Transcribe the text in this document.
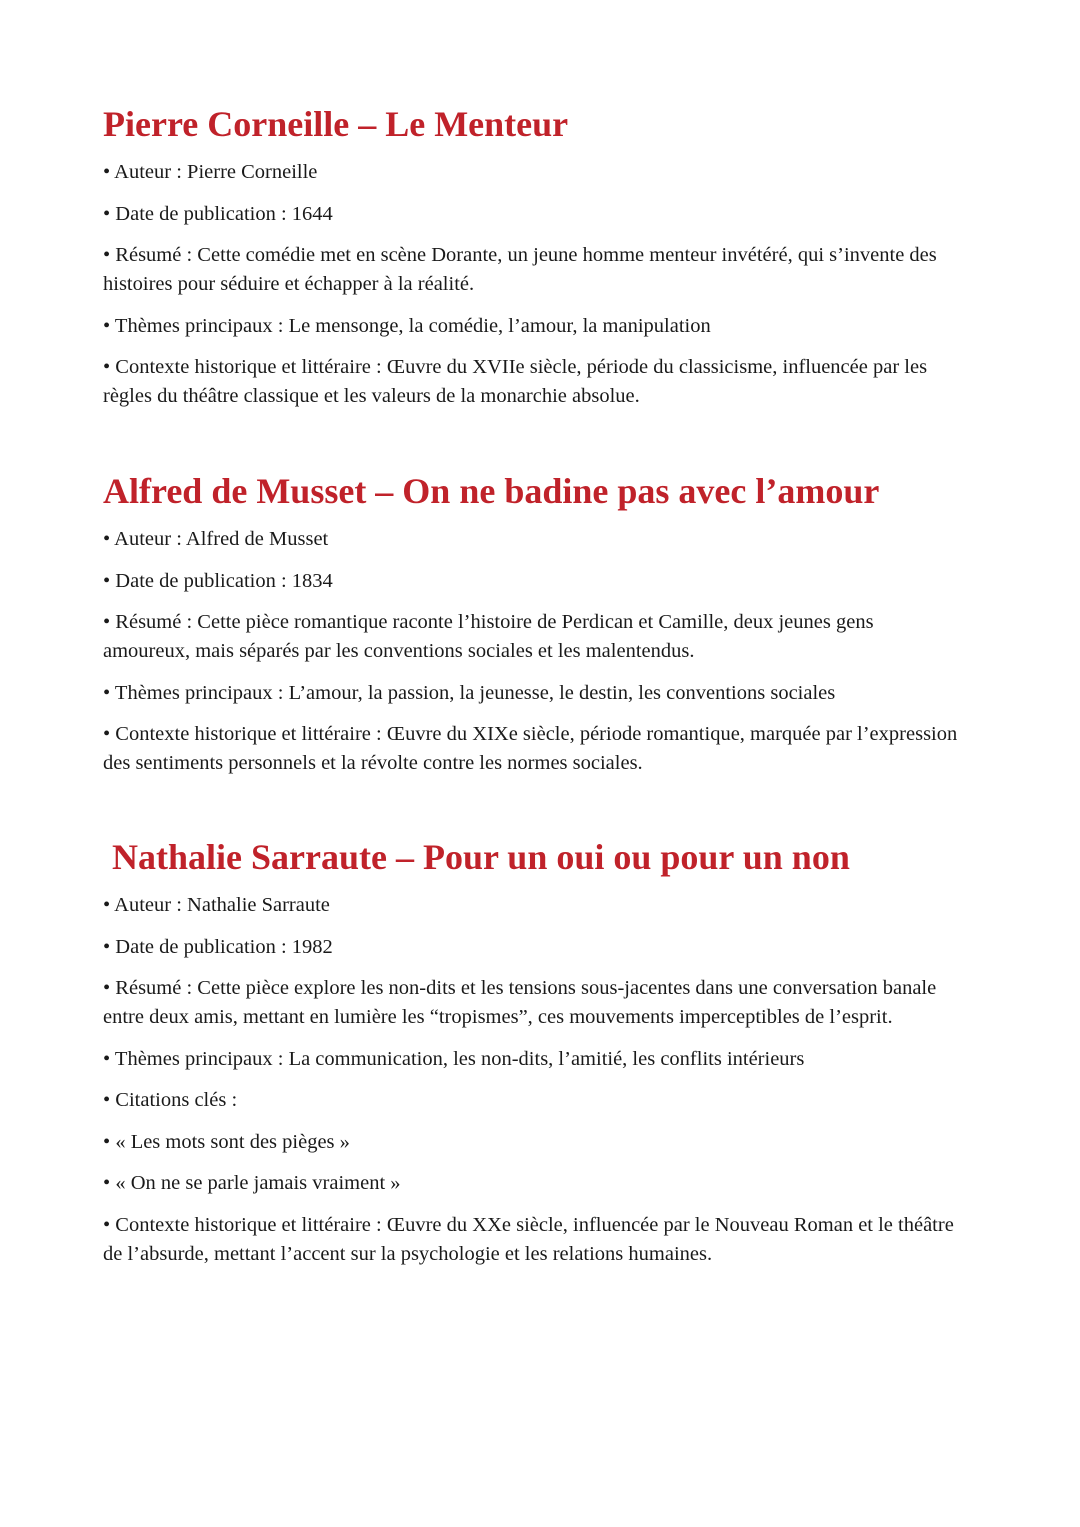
Pierre Corneille – Le Menteur
• Auteur : Pierre Corneille
• Date de publication : 1644
• Résumé : Cette comédie met en scène Dorante, un jeune homme menteur invétéré, qui s’invente des histoires pour séduire et échapper à la réalité.
• Thèmes principaux : Le mensonge, la comédie, l’amour, la manipulation
• Contexte historique et littéraire : Œuvre du XVIIe siècle, période du classicisme, influencée par les règles du théâtre classique et les valeurs de la monarchie absolue.
Alfred de Musset – On ne badine pas avec l’amour
• Auteur : Alfred de Musset
• Date de publication : 1834
• Résumé : Cette pièce romantique raconte l’histoire de Perdican et Camille, deux jeunes gens amoureux, mais séparés par les conventions sociales et les malentendus.
• Thèmes principaux : L’amour, la passion, la jeunesse, le destin, les conventions sociales
• Contexte historique et littéraire : Œuvre du XIXe siècle, période romantique, marquée par l’expression des sentiments personnels et la révolte contre les normes sociales.
Nathalie Sarraute – Pour un oui ou pour un non
• Auteur : Nathalie Sarraute
• Date de publication : 1982
• Résumé : Cette pièce explore les non-dits et les tensions sous-jacentes dans une conversation banale entre deux amis, mettant en lumière les “tropismes”, ces mouvements imperceptibles de l’esprit.
• Thèmes principaux : La communication, les non-dits, l’amitié, les conflits intérieurs
• Citations clés :
• « Les mots sont des pièges »
• « On ne se parle jamais vraiment »
• Contexte historique et littéraire : Œuvre du XXe siècle, influencée par le Nouveau Roman et le théâtre de l’absurde, mettant l’accent sur la psychologie et les relations humaines.
